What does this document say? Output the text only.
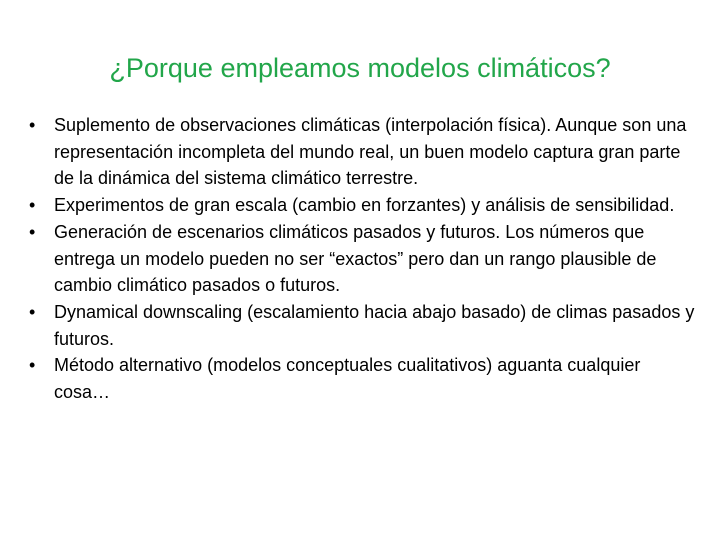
¿Porque empleamos modelos climáticos?
•	Suplemento de observaciones climáticas (interpolación física). Aunque son una representación incompleta del mundo real, un buen modelo captura gran parte de la dinámica del sistema climático terrestre.
•	Experimentos de gran escala (cambio en forzantes) y análisis de sensibilidad.
•	Generación de escenarios climáticos pasados y futuros. Los números que entrega un modelo pueden no ser “exactos” pero dan un rango plausible de cambio climático pasados o futuros.
•	Dynamical downscaling (escalamiento hacia abajo basado) de climas pasados y futuros.
•	Método alternativo (modelos conceptuales cualitativos) aguanta cualquier cosa…
